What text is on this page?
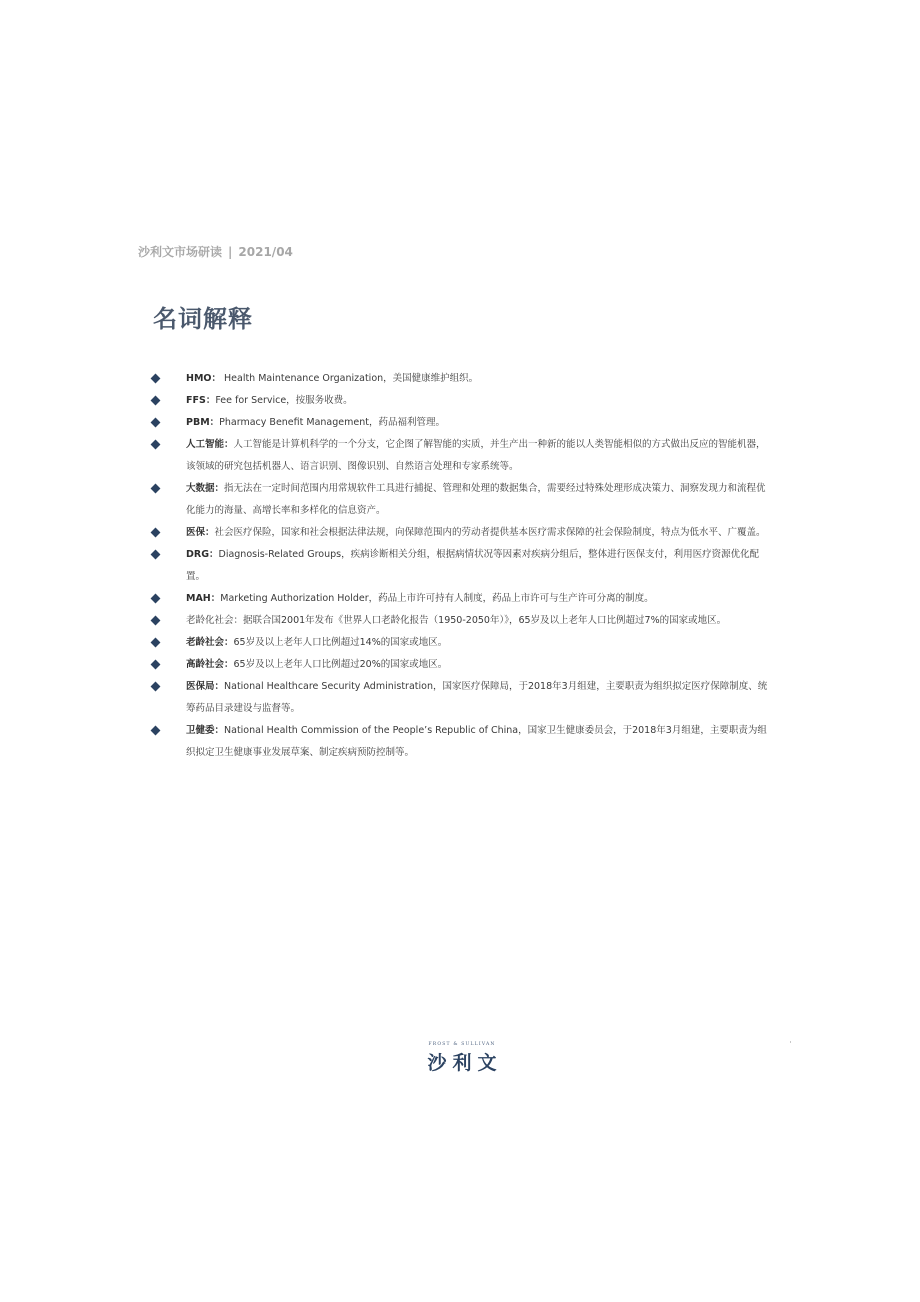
沙利文市场研读 | 2021/04
名词解释
HMO： Health Maintenance Organization，美国健康维护组织。
FFS：Fee for Service，按服务收费。
PBM：Pharmacy Benefit Management，药品福利管理。
人工智能：人工智能是计算机科学的一个分支，它企图了解智能的实质，并生产出一种新的能以人类智能相似的方式做出反应的智能机器，该领域的研究包括机器人、语言识别、图像识别、自然语言处理和专家系统等。
大数据：指无法在一定时间范围内用常规软件工具进行捕捉、管理和处理的数据集合，需要经过特殊处理形成决策力、洞察发现力和流程优化能力的海量、高增长率和多样化的信息资产。
医保：社会医疗保险，国家和社会根据法律法规，向保障范围内的劳动者提供基本医疗需求保障的社会保险制度，特点为低水平、广覆盖。
DRG：Diagnosis-Related Groups，疾病诊断相关分组，根据病情状况等因素对疾病分组后，整体进行医保支付，利用医疗资源优化配置。
MAH：Marketing Authorization Holder，药品上市许可持有人制度，药品上市许可与生产许可分离的制度。
老龄化社会：据联合国2001年发布《世界人口老龄化报告（1950-2050年）》，65岁及以上老年人口比例超过7%的国家或地区。
老龄社会：65岁及以上老年人口比例超过14%的国家或地区。
高龄社会：65岁及以上老年人口比例超过20%的国家或地区。
医保局：National Healthcare Security Administration，国家医疗保障局，于2018年3月组建，主要职责为组织拟定医疗保障制度、统筹药品目录建设与监督等。
卫健委：National Health Commission of the People’s Republic of China，国家卫生健康委员会，于2018年3月组建，主要职责为组织拟定卫生健康事业发展草案、制定疾病预防控制等。
FROST & SULLIVAN
沙利文
